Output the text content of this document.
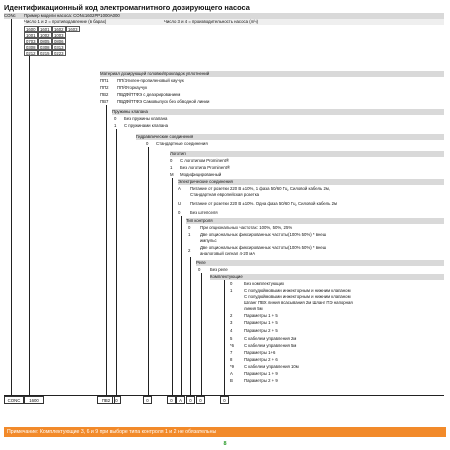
Идентификационный код электромагнитного дозирующего насоса
CONc	Пример модели насоса: CONc1602PP1000A000
Число 1 и 2 = противодавление (в барах)	Число 3 и 4 = производительность насоса (л/ч)
1600	1601	1602	1603
1001	1002	1003
0703	0805	0806
0308	0308	0313
0212	0215	0223
Материал дозирующей головки/прокладок уплотнений
ПП1	ПП/Этилен-пропиленовый каучук
ПП2	ПП/Фторкаучук
ПВ2	ПВДФ/ПТФЭ с деаэрированием
ПВ7	ПВДФ/ПТФЭ Самовыпуск без обводной линии
Пружины клапана
0	Без пружины клапана
1	С пружинами клапана
Гидравлические соединения
0	Стандартные соединения
Логотип
0	С логотипом Prominent®
1	Без логотипа Prominent®
M	Модифицированный
Электрические соединения
A	Питание от розетки 220 В ±10%, 1 фаза 50/60 Гц, Силовой кабель 2м,
Стандартная европейская розетка
U	Питание от розетки 220 В ±10%. Одна фаза 50/60 Гц, Силовой кабель 2м
0	Без штепселя
Тип контроля
0	При опциональных частотах: 100%, 50%, 25%
1	Две опциональных фиксированных частоты(100% 50%) * внеш
импульс
2
Две опциональных фиксированных частоты(100% 50%) * внеш
аналоговый сигнал 4-20 мА
Реле
0	Без реле
Комплектующие
0	Без комплектующих
1	С полудюймовыми инжекторным и нижним клапаном
С полудюймовыми инжекторным и нижним клапаном
Шланг ПВХ линия всасывания 2м Шланг ПЭ напорная
линия 5м
2	Параметры 1 + 5
3	Параметры 1 + 5
4	Параметры 2 + 5
5	С кабелем управления 2м
*6	С кабелем управления 5м
7	Параметры 1+6
8	Параметры 2 + 6
*9	С кабелем управления 10м
A	Параметры 1 + 9
B	Параметры 2 + 9
CONC	1600	ПВ2	0	0	0	A	0	0	0
Примечание: Комплектующие 3, 6 и 9 при выборе типа контроля 1 и 2 не обязательны
8
